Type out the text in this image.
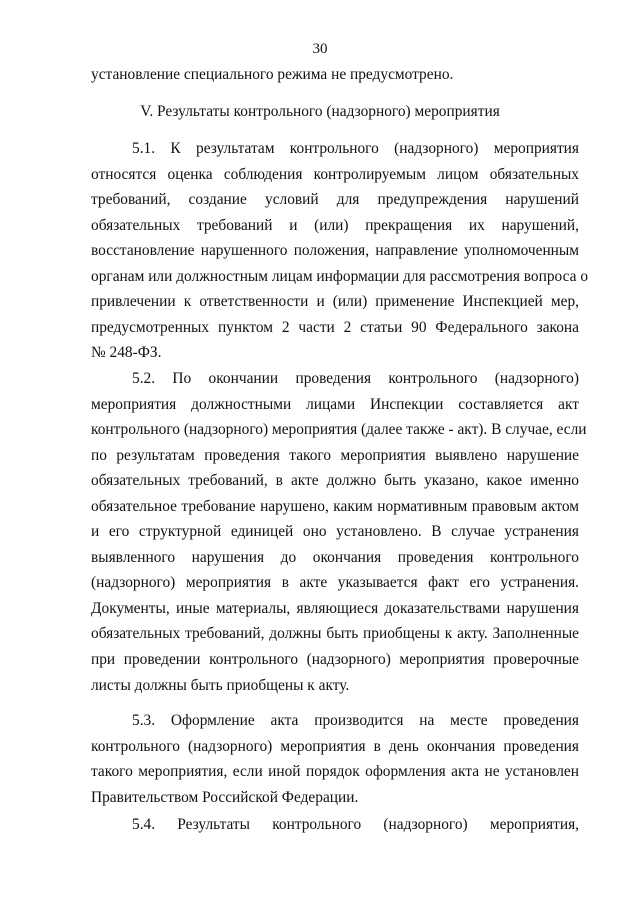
30
установление специального режима не предусмотрено.
V. Результаты контрольного (надзорного) мероприятия
5.1. К результатам контрольного (надзорного) мероприятия
относятся оценка соблюдения контролируемым лицом обязательных
требований, создание условий для предупреждения нарушений
обязательных требований и (или) прекращения их нарушений,
восстановление нарушенного положения, направление уполномоченным
органам или должностным лицам информации для рассмотрения вопроса о
привлечении к ответственности и (или) применение Инспекцией мер,
предусмотренных пунктом 2 части 2 статьи 90 Федерального закона
№ 248-ФЗ.
5.2. По окончании проведения контрольного (надзорного)
мероприятия должностными лицами Инспекции составляется акт
контрольного (надзорного) мероприятия (далее также - акт). В случае, если
по результатам проведения такого мероприятия выявлено нарушение
обязательных требований, в акте должно быть указано, какое именно
обязательное требование нарушено, каким нормативным правовым актом
и его структурной единицей оно установлено. В случае устранения
выявленного нарушения до окончания проведения контрольного
(надзорного) мероприятия в акте указывается факт его устранения.
Документы, иные материалы, являющиеся доказательствами нарушения
обязательных требований, должны быть приобщены к акту. Заполненные
при проведении контрольного (надзорного) мероприятия проверочные
листы должны быть приобщены к акту.
5.3. Оформление акта производится на месте проведения
контрольного (надзорного) мероприятия в день окончания проведения
такого мероприятия, если иной порядок оформления акта не установлен
Правительством Российской Федерации.
5.4. Результаты контрольного (надзорного) мероприятия,
